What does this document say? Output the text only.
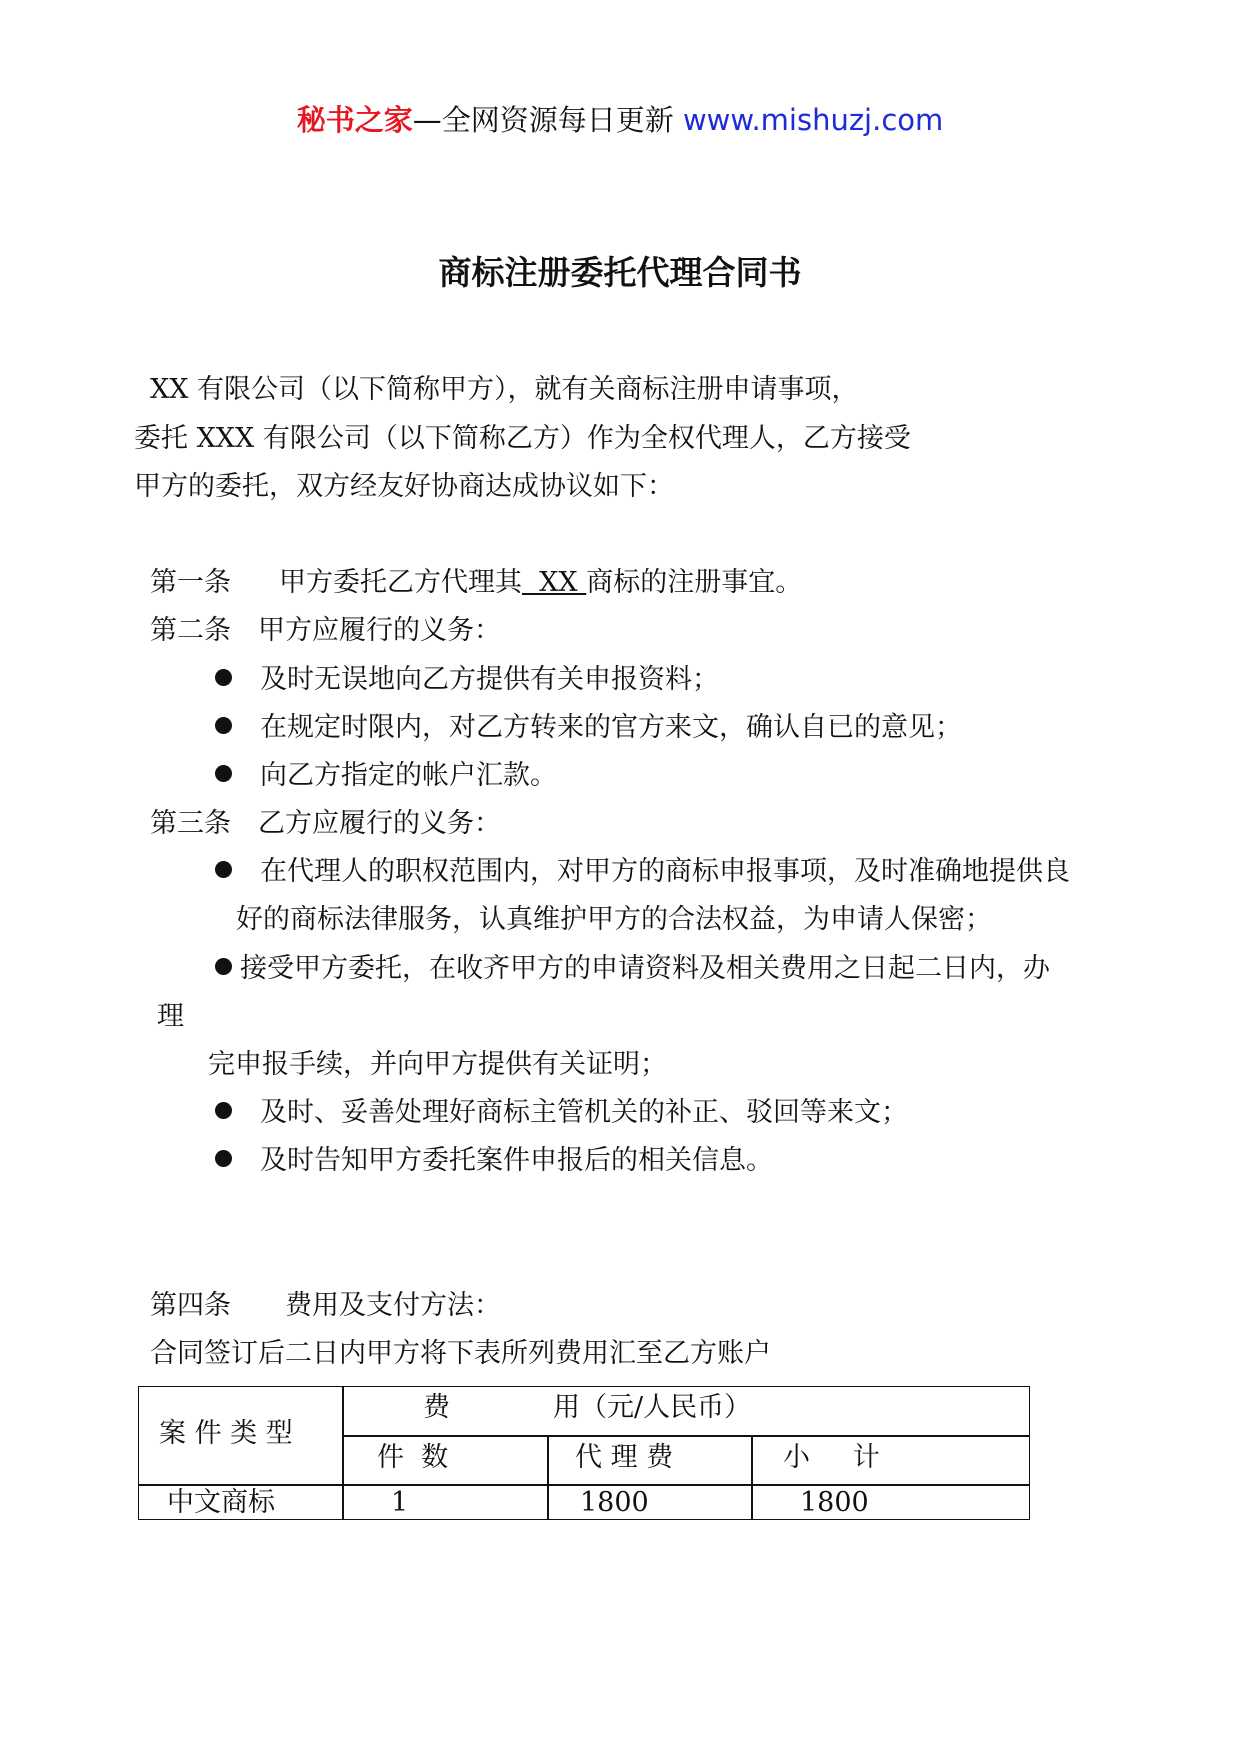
秘书之家—全网资源每日更新 www.mishuzj.com
商标注册委托代理合同书
XX 有限公司（以下简称甲方），就有关商标注册申请事项，
委托 XXX 有限公司（以下简称乙方）作为全权代理人，乙方接受
甲方的委托，双方经友好协商达成协议如下：
第一条 甲方委托乙方代理其  XX 商标的注册事宜。
第二条 甲方应履行的义务：
及时无误地向乙方提供有关申报资料；
在规定时限内，对乙方转来的官方来文，确认自已的意见；
向乙方指定的帐户汇款。
第三条 乙方应履行的义务：
在代理人的职权范围内，对甲方的商标申报事项，及时准确地提供良
好的商标法律服务，认真维护甲方的合法权益，为申请人保密；
接受甲方委托，在收齐甲方的申请资料及相关费用之日起二日内，办
理
完申报手续，并向甲方提供有关证明；
及时、妥善处理好商标主管机关的补正、驳回等来文；
及时告知甲方委托案件申报后的相关信息。
第四条 费用及支付方法：
合同签订后二日内甲方将下表所列费用汇至乙方账户
案 件 类 型
费	用（元/人民币）
件  数	代 理 费	小     计
中文商标	1	1800	1800
